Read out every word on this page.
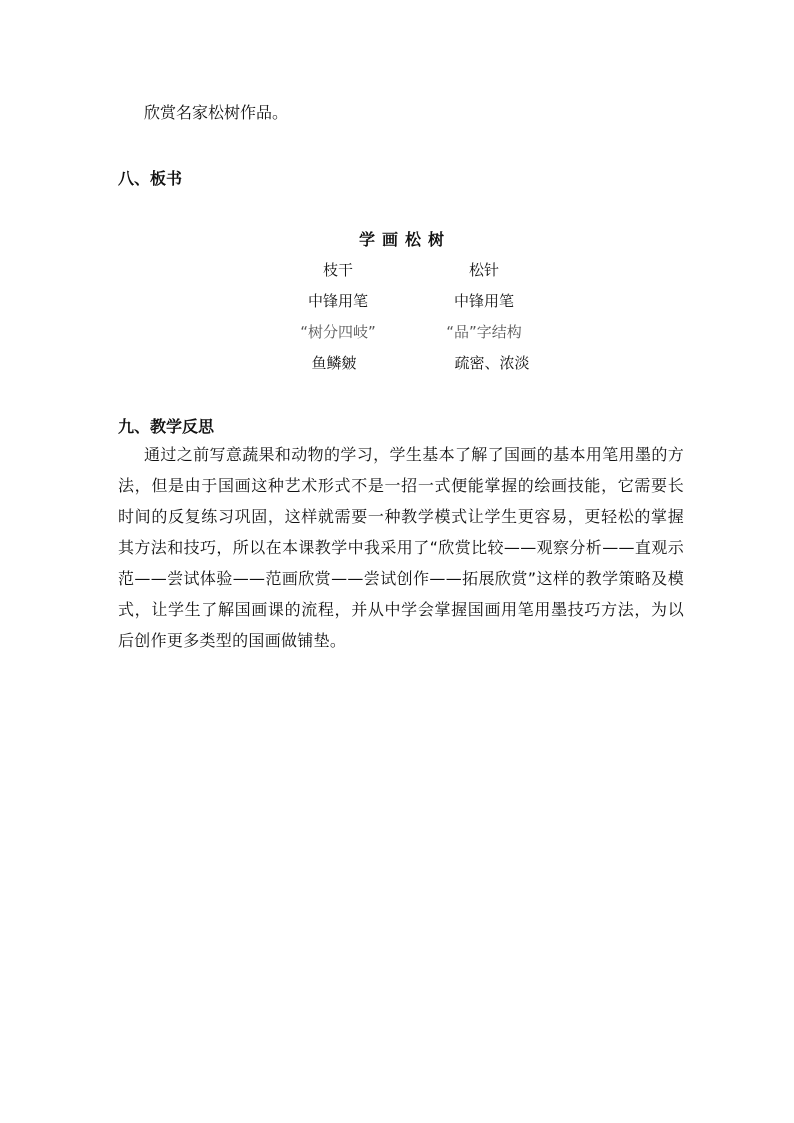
欣赏名家松树作品。
八、板书
学画松树
枝干	松针
中锋用笔	中锋用笔
“树分四岐”	“品”字结构
鱼鳞皴	疏密、浓淡
九、教学反思
通过之前写意蔬果和动物的学习，学生基本了解了国画的基本用笔用墨的方法，但是由于国画这种艺术形式不是一招一式便能掌握的绘画技能，它需要长时间的反复练习巩固，这样就需要一种教学模式让学生更容易，更轻松的掌握其方法和技巧，所以在本课教学中我采用了“欣赏比较——观察分析——直观示范——尝试体验——范画欣赏——尝试创作——拓展欣赏”这样的教学策略及模式，让学生了解国画课的流程，并从中学会掌握国画用笔用墨技巧方法，为以后创作更多类型的国画做铺垫。
